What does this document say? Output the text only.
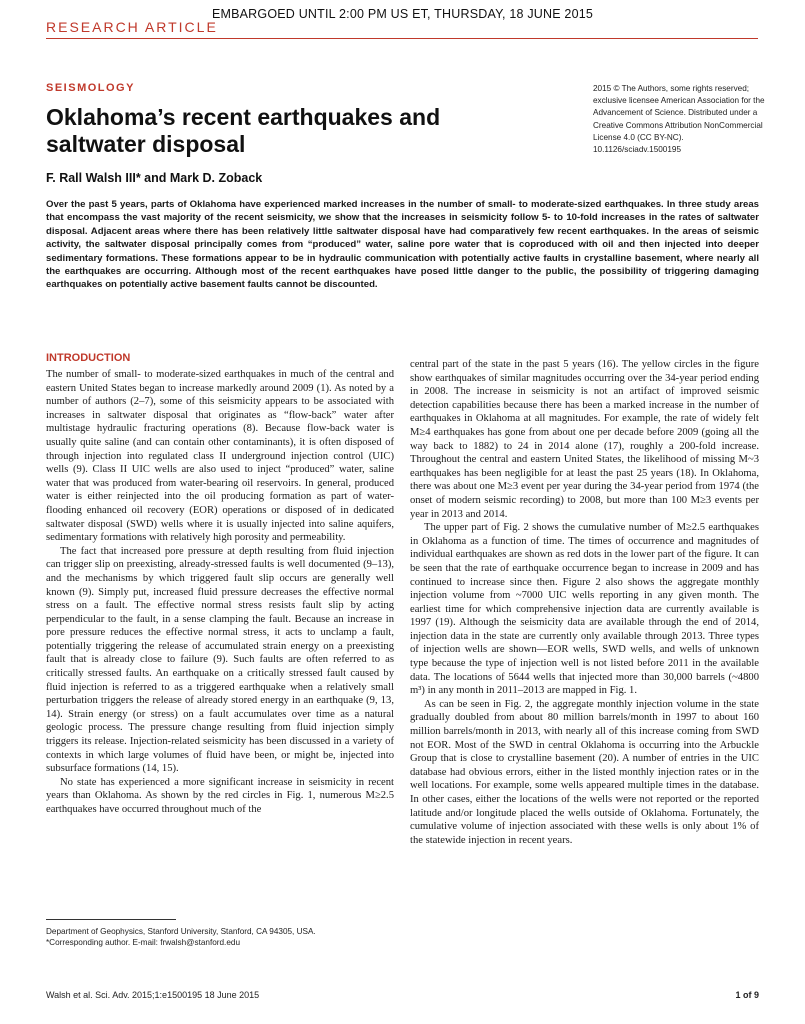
EMBARGOED UNTIL 2:00 PM US ET, THURSDAY, 18 JUNE 2015
RESEARCH ARTICLE
SEISMOLOGY
Oklahoma’s recent earthquakes and saltwater disposal
2015 © The Authors, some rights reserved; exclusive licensee American Association for the Advancement of Science. Distributed under a Creative Commons Attribution NonCommercial License 4.0 (CC BY-NC). 10.1126/sciadv.1500195
F. Rall Walsh III* and Mark D. Zoback
Over the past 5 years, parts of Oklahoma have experienced marked increases in the number of small- to moderate-sized earthquakes. In three study areas that encompass the vast majority of the recent seismicity, we show that the increases in seismicity follow 5- to 10-fold increases in the rates of saltwater disposal. Adjacent areas where there has been relatively little saltwater disposal have had comparatively few recent earthquakes. In the areas of seismic activity, the saltwater disposal principally comes from “produced” water, saline pore water that is coproduced with oil and then injected into deeper sedimentary formations. These formations appear to be in hydraulic communication with potentially active faults in crystalline basement, where nearly all the earthquakes are occurring. Although most of the recent earthquakes have posed little danger to the public, the possibility of triggering damaging earthquakes on potentially active basement faults cannot be discounted.
INTRODUCTION

The number of small- to moderate-sized earthquakes in much of the central and eastern United States began to increase markedly around 2009 (1). As noted by a number of authors (2–7), some of this seismicity appears to be associated with increases in saltwater disposal that originates as “flow-back” water after multistage hydraulic fracturing operations (8). Because flow-back water is usually quite saline (and can contain other contaminants), it is often disposed of through injection into regulated class II underground injection control (UIC) wells (9). Class II UIC wells are also used to inject “produced” water, saline water that was produced from water-bearing oil reservoirs. In general, produced water is either reinjected into the oil producing formation as part of water-flooding enhanced oil recovery (EOR) operations or disposed of in dedicated saltwater disposal (SWD) wells where it is usually injected into saline aquifers, sedimentary formations with relatively high porosity and permeability.

The fact that increased pore pressure at depth resulting from fluid injection can trigger slip on preexisting, already-stressed faults is well documented (9–13), and the mechanisms by which triggered fault slip occurs are generally well known (9). Simply put, increased fluid pressure decreases the effective normal stress on a fault. The effective normal stress resists fault slip by acting perpendicular to the fault, in a sense clamping the fault. Because an increase in pore pressure reduces the effective normal stress, it acts to unclamp a fault, potentially triggering the release of accumulated strain energy on a preexisting fault that is already close to failure (9). Such faults are often referred to as critically stressed faults. An earthquake on a critically stressed fault caused by fluid injection is referred to as a triggered earthquake when a relatively small perturbation triggers the release of already stored energy in an earthquake (9, 13, 14). Strain energy (or stress) on a fault accumulates over time as a natural geologic process. The pressure change resulting from fluid injection simply triggers its release. Injection-related seismicity has been discussed in a variety of contexts in which large volumes of fluid have been, or might be, injected into subsurface formations (14, 15).

No state has experienced a more significant increase in seismicity in recent years than Oklahoma. As shown by the red circles in Fig. 1, numerous M≥2.5 earthquakes have occurred throughout much of the

central part of the state in the past 5 years (16). The yellow circles in the figure show earthquakes of similar magnitudes occurring over the 34-year period ending in 2008. The increase in seismicity is not an artifact of improved seismic detection capabilities because there has been a marked increase in the number of earthquakes in Oklahoma at all magnitudes. For example, the rate of widely felt M≥4 earthquakes has gone from about one per decade before 2009 (going all the way back to 1882) to 24 in 2014 alone (17), roughly a 200-fold increase. Throughout the central and eastern United States, the likelihood of missing M~3 earthquakes has been negligible for at least the past 25 years (18). In Oklahoma, there was about one M≥3 event per year during the 34-year period from 1974 (the onset of modern seismic recording) to 2008, but more than 100 M≥3 events per year in 2013 and 2014.

The upper part of Fig. 2 shows the cumulative number of M≥2.5 earthquakes in Oklahoma as a function of time. The times of occurrence and magnitudes of individual earthquakes are shown as red dots in the lower part of the figure. It can be seen that the rate of earthquake occurrence began to increase in 2009 and has continued to increase since then. Figure 2 also shows the aggregate monthly injection volume from ~7000 UIC wells reporting in any given month. The earliest time for which comprehensive injection data are currently available is 1997 (19). Although the seismicity data are available through the end of 2014, injection data in the state are currently only available through 2013. Three types of injection wells are shown—EOR wells, SWD wells, and wells of unknown type because the type of injection well is not listed before 2011 in the available data. The locations of 5644 wells that injected more than 30,000 barrels (~4800 m³) in any month in 2011–2013 are mapped in Fig. 1.

As can be seen in Fig. 2, the aggregate monthly injection volume in the state gradually doubled from about 80 million barrels/month in 1997 to about 160 million barrels/month in 2013, with nearly all of this increase coming from SWD not EOR. Most of the SWD in central Oklahoma is occurring into the Arbuckle Group that is close to crystalline basement (20). A number of entries in the UIC database had obvious errors, either in the listed monthly injection rates or in the well locations. For example, some wells appeared multiple times in the database. In other cases, either the locations of the wells were not reported or the reported latitude and/or longitude placed the wells outside of Oklahoma. Fortunately, the cumulative volume of injection associated with these wells is only about 1% of the statewide injection in recent years.

Department of Geophysics, Stanford University, Stanford, CA 94305, USA.
*Corresponding author. E-mail: frwalsh@stanford.edu
Walsh et al. Sci. Adv. 2015;1:e1500195 18 June 2015	1 of 9
